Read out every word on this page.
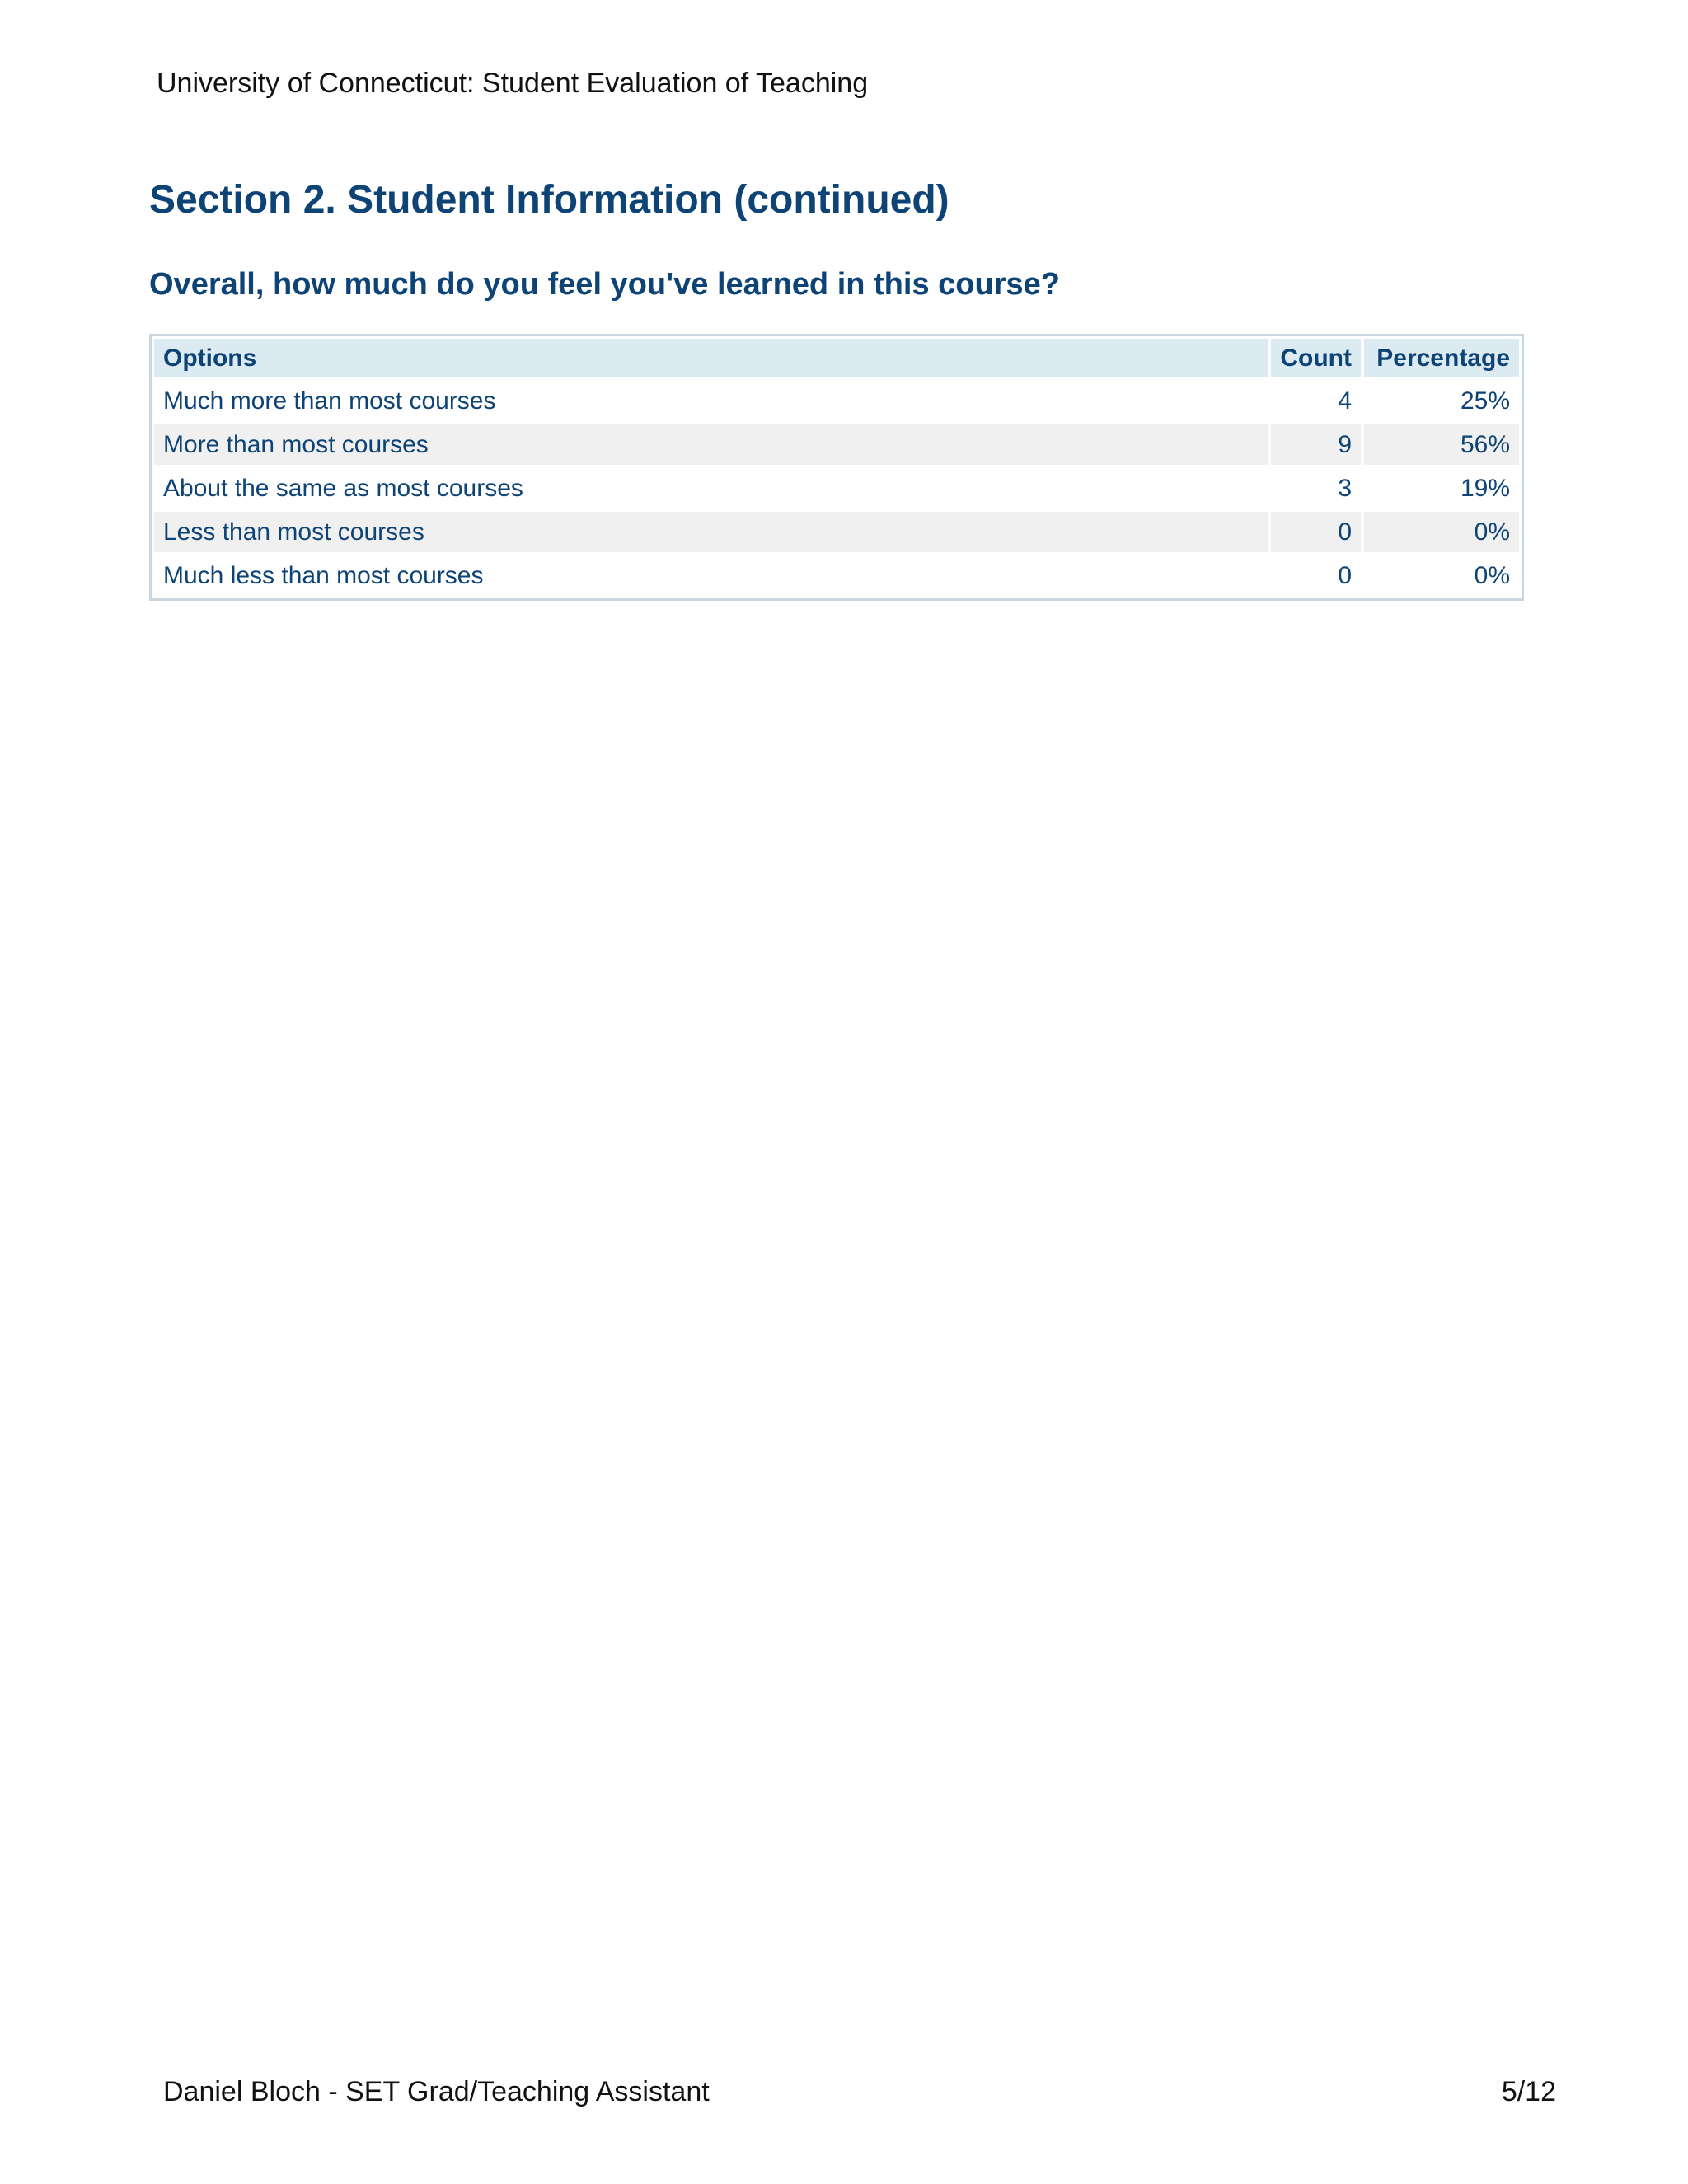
University of Connecticut: Student Evaluation of Teaching
Section 2. Student Information (continued)
Overall, how much do you feel you've learned in this course?
Options	Count	Percentage
Much more than most courses	4	25%
More than most courses	9	56%
About the same as most courses	3	19%
Less than most courses	0	0%
Much less than most courses	0	0%
Daniel Bloch - SET Grad/Teaching Assistant	5/12
